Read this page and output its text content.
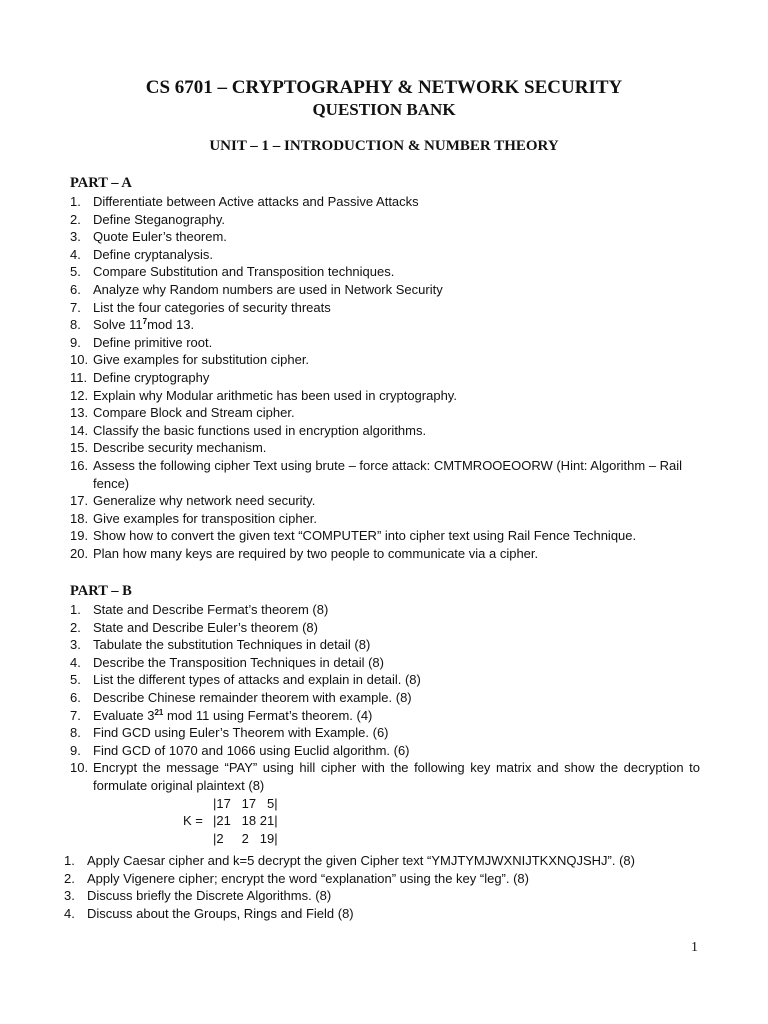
CS 6701 – CRYPTOGRAPHY & NETWORK SECURITY
QUESTION BANK
UNIT – 1 – INTRODUCTION & NUMBER THEORY
PART – A
1. Differentiate between Active attacks and Passive Attacks
2. Define Steganography.
3. Quote Euler’s theorem.
4. Define cryptanalysis.
5. Compare Substitution and Transposition techniques.
6. Analyze why Random numbers are used in Network Security
7. List the four categories of security threats
8. Solve $11^7mod$ 13.
9. Define primitive root.
10. Give examples for substitution cipher.
11. Define cryptography
12. Explain why Modular arithmetic has been used in cryptography.
13. Compare Block and Stream cipher.
14. Classify the basic functions used in encryption algorithms.
15. Describe security mechanism.
16. Assess the following cipher Text using brute – force attack: CMTMROOEOORW (Hint: Algorithm – Rail fence)
17. Generalize why network need security.
18. Give examples for transposition cipher.
19. Show how to convert the given text “COMPUTER” into cipher text using Rail Fence Technique.
20. Plan how many keys are required by two people to communicate via a cipher.
PART – B
1. State and Describe Fermat’s theorem (8)
2. State and Describe Euler’s theorem (8)
3. Tabulate the substitution Techniques in detail (8)
4. Describe the Transposition Techniques in detail (8)
5. List the different types of attacks and explain in detail. (8)
6. Describe Chinese remainder theorem with example. (8)
7. Evaluate $3^{21}$ mod 11 using Fermat’s theorem. (4)
8. Find GCD using Euler’s Theorem with Example. (6)
9. Find GCD of 1070 and 1066 using Euclid algorithm. (6)
10. Encrypt the message “PAY” using hill cipher with the following key matrix and show the decryption to formulate original plaintext (8)
|17   17   5|
K = |21   18 21|
|2     2   19|
1. Apply Caesar cipher and k=5 decrypt the given Cipher text “YMJTYMJWXNIJTKXNQJSHJ”. (8)
2. Apply Vigenere cipher; encrypt the word “explanation” using the key “leg”. (8)
3. Discuss briefly the Discrete Algorithms. (8)
4. Discuss about the Groups, Rings and Field (8)
1
